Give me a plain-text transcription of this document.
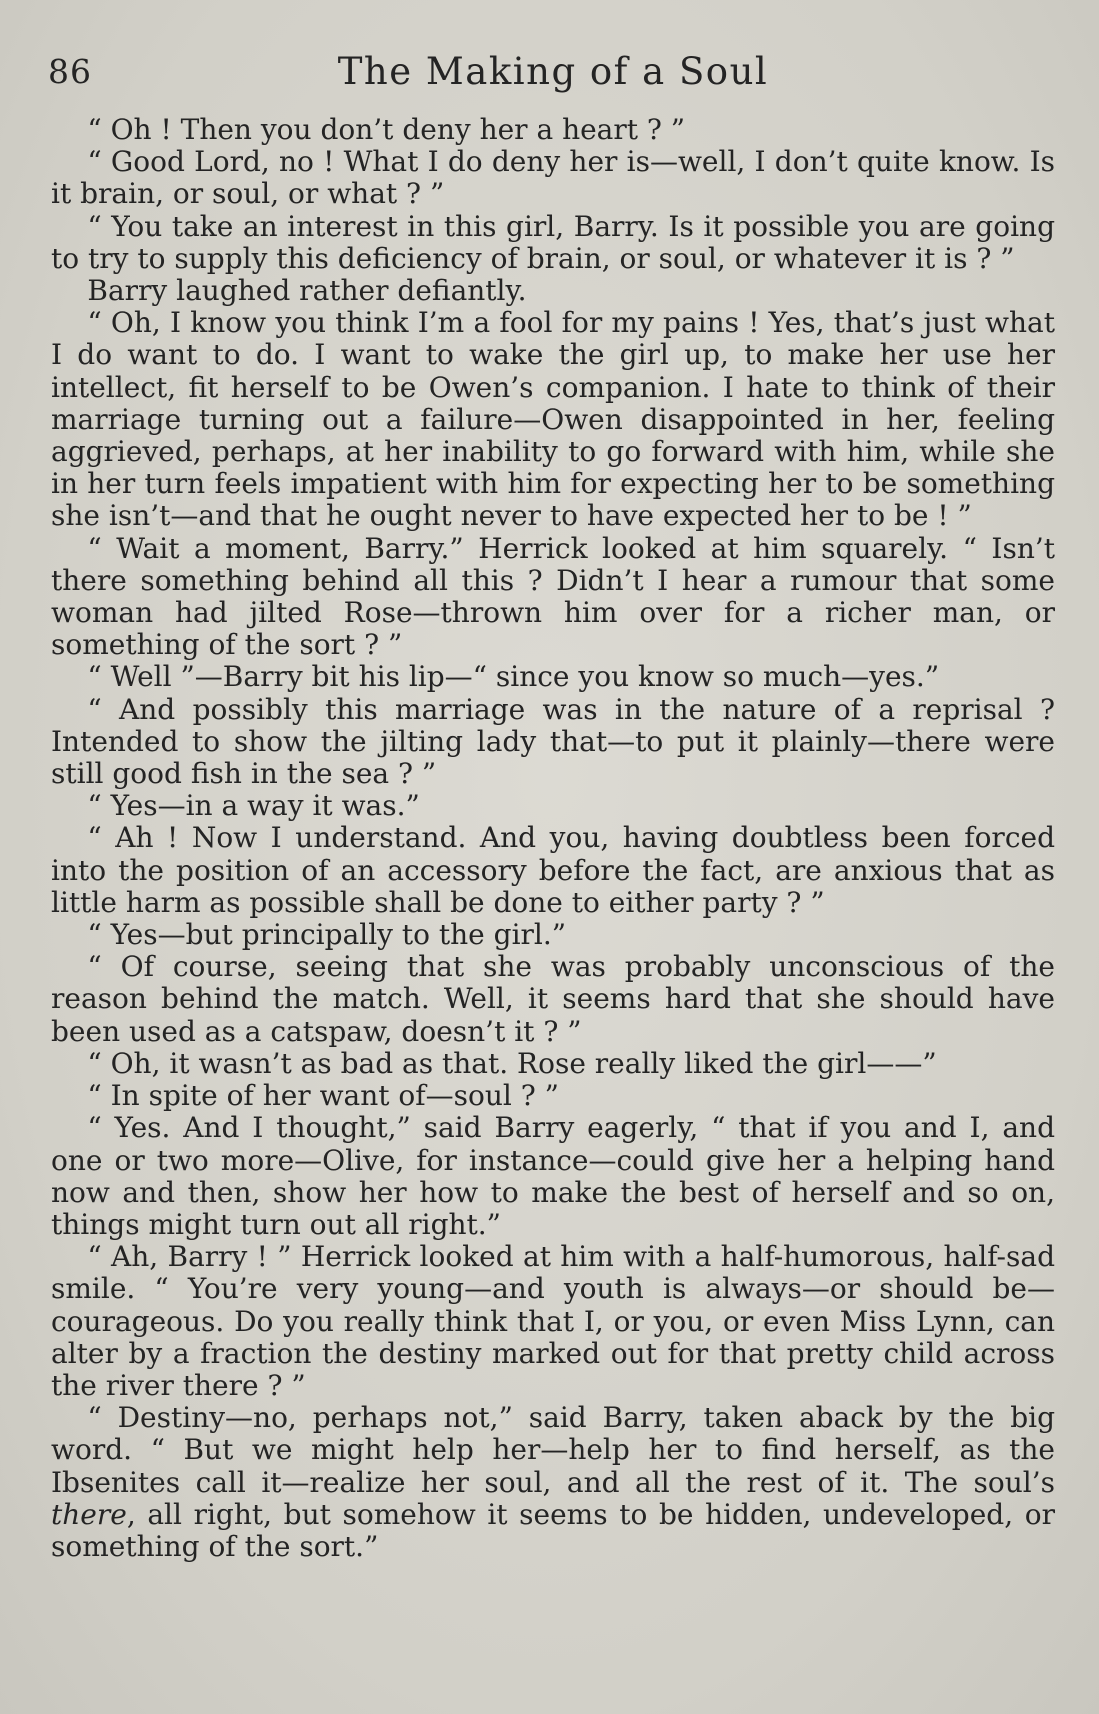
86	The Making of a Soul

“ Oh ! Then you don’t deny her a heart ? ”

“ Good Lord, no ! What I do deny her is—well, I don’t quite know. Is it brain, or soul, or what ? ”

“ You take an interest in this girl, Barry. Is it possible you are going to try to supply this deficiency of brain, or soul, or whatever it is ? ”

Barry laughed rather defiantly.

“ Oh, I know you think I’m a fool for my pains ! Yes, that’s just what I do want to do. I want to wake the girl up, to make her use her intellect, fit herself to be Owen’s companion. I hate to think of their marriage turning out a failure—Owen disappointed in her, feeling aggrieved, perhaps, at her inability to go forward with him, while she in her turn feels impatient with him for expecting her to be something she isn’t—and that he ought never to have expected her to be ! ”

“ Wait a moment, Barry.” Herrick looked at him squarely. “ Isn’t there something behind all this ? Didn’t I hear a rumour that some woman had jilted Rose—thrown him over for a richer man, or something of the sort ? ”

“ Well ”—Barry bit his lip—“ since you know so much—yes.”

“ And possibly this marriage was in the nature of a reprisal ? Intended to show the jilting lady that—to put it plainly—there were still good fish in the sea ? ”

“ Yes—in a way it was.”

“ Ah ! Now I understand. And you, having doubtless been forced into the position of an accessory before the fact, are anxious that as little harm as possible shall be done to either party ? ”

“ Yes—but principally to the girl.”

“ Of course, seeing that she was probably unconscious of the reason behind the match. Well, it seems hard that she should have been used as a catspaw, doesn’t it ? ”

“ Oh, it wasn’t as bad as that. Rose really liked the girl——”

“ In spite of her want of—soul ? ”

“ Yes. And I thought,” said Barry eagerly, “ that if you and I, and one or two more—Olive, for instance—could give her a helping hand now and then, show her how to make the best of herself and so on, things might turn out all right.”

“ Ah, Barry ! ” Herrick looked at him with a half-humorous, half-sad smile. “ You’re very young—and youth is always—or should be—courageous. Do you really think that I, or you, or even Miss Lynn, can alter by a fraction the destiny marked out for that pretty child across the river there ? ”

“ Destiny—no, perhaps not,” said Barry, taken aback by the big word. “ But we might help her—help her to find herself, as the Ibsenites call it—realize her soul, and all the rest of it. The soul’s there, all right, but somehow it seems to be hidden, undeveloped, or something of the sort.”
